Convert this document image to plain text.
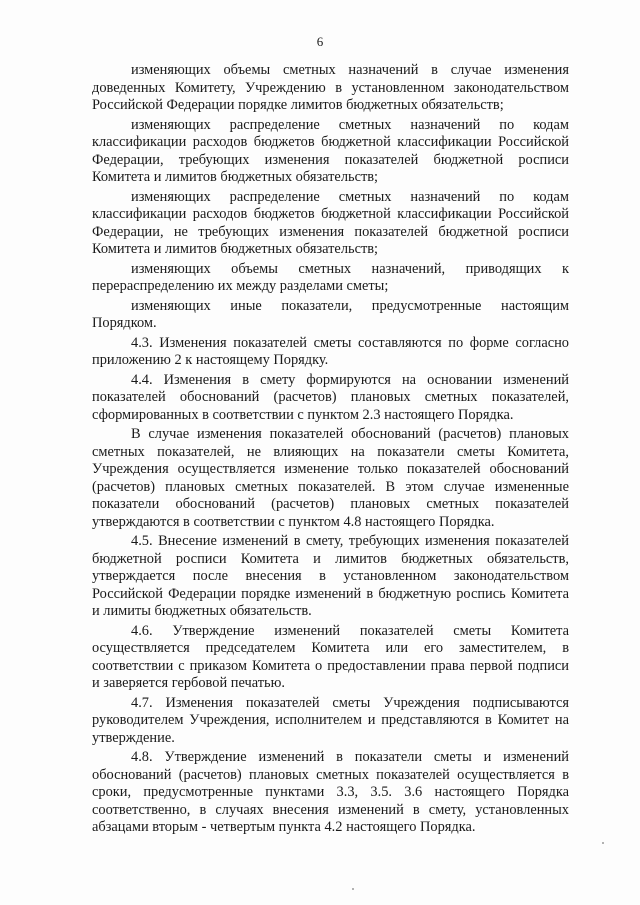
6

изменяющих объемы сметных назначений в случае изменения доведенных Комитету, Учреждению в установленном законодательством Российской Федерации порядке лимитов бюджетных обязательств;

изменяющих распределение сметных назначений по кодам классификации расходов бюджетов бюджетной классификации Российской Федерации, требующих изменения показателей бюджетной росписи Комитета и лимитов бюджетных обязательств;

изменяющих распределение сметных назначений по кодам классификации расходов бюджетов бюджетной классификации Российской Федерации, не требующих изменения показателей бюджетной росписи Комитета и лимитов бюджетных обязательств;

изменяющих объемы сметных назначений, приводящих к перераспределению их между разделами сметы;

изменяющих иные показатели, предусмотренные настоящим Порядком.

4.3. Изменения показателей сметы составляются по форме согласно приложению 2 к настоящему Порядку.

4.4. Изменения в смету формируются на основании изменений показателей обоснований (расчетов) плановых сметных показателей, сформированных в соответствии с пунктом 2.3 настоящего Порядка.

В случае изменения показателей обоснований (расчетов) плановых сметных показателей, не влияющих на показатели сметы Комитета, Учреждения осуществляется изменение только показателей обоснований (расчетов) плановых сметных показателей. В этом случае измененные показатели обоснований (расчетов) плановых сметных показателей утверждаются в соответствии с пунктом 4.8 настоящего Порядка.

4.5. Внесение изменений в смету, требующих изменения показателей бюджетной росписи Комитета и лимитов бюджетных обязательств, утверждается после внесения в установленном законодательством Российской Федерации порядке изменений в бюджетную роспись Комитета и лимиты бюджетных обязательств.

4.6. Утверждение изменений показателей сметы Комитета осуществляется председателем Комитета или его заместителем, в соответствии с приказом Комитета о предоставлении права первой подписи и заверяется гербовой печатью.

4.7. Изменения показателей сметы Учреждения подписываются руководителем Учреждения, исполнителем и представляются в Комитет на утверждение.

4.8. Утверждение изменений в показатели сметы и изменений обоснований (расчетов) плановых сметных показателей осуществляется в сроки, предусмотренные пунктами 3.3, 3.5. 3.6 настоящего Порядка соответственно, в случаях внесения изменений в смету, установленных абзацами вторым - четвертым пункта 4.2 настоящего Порядка.
